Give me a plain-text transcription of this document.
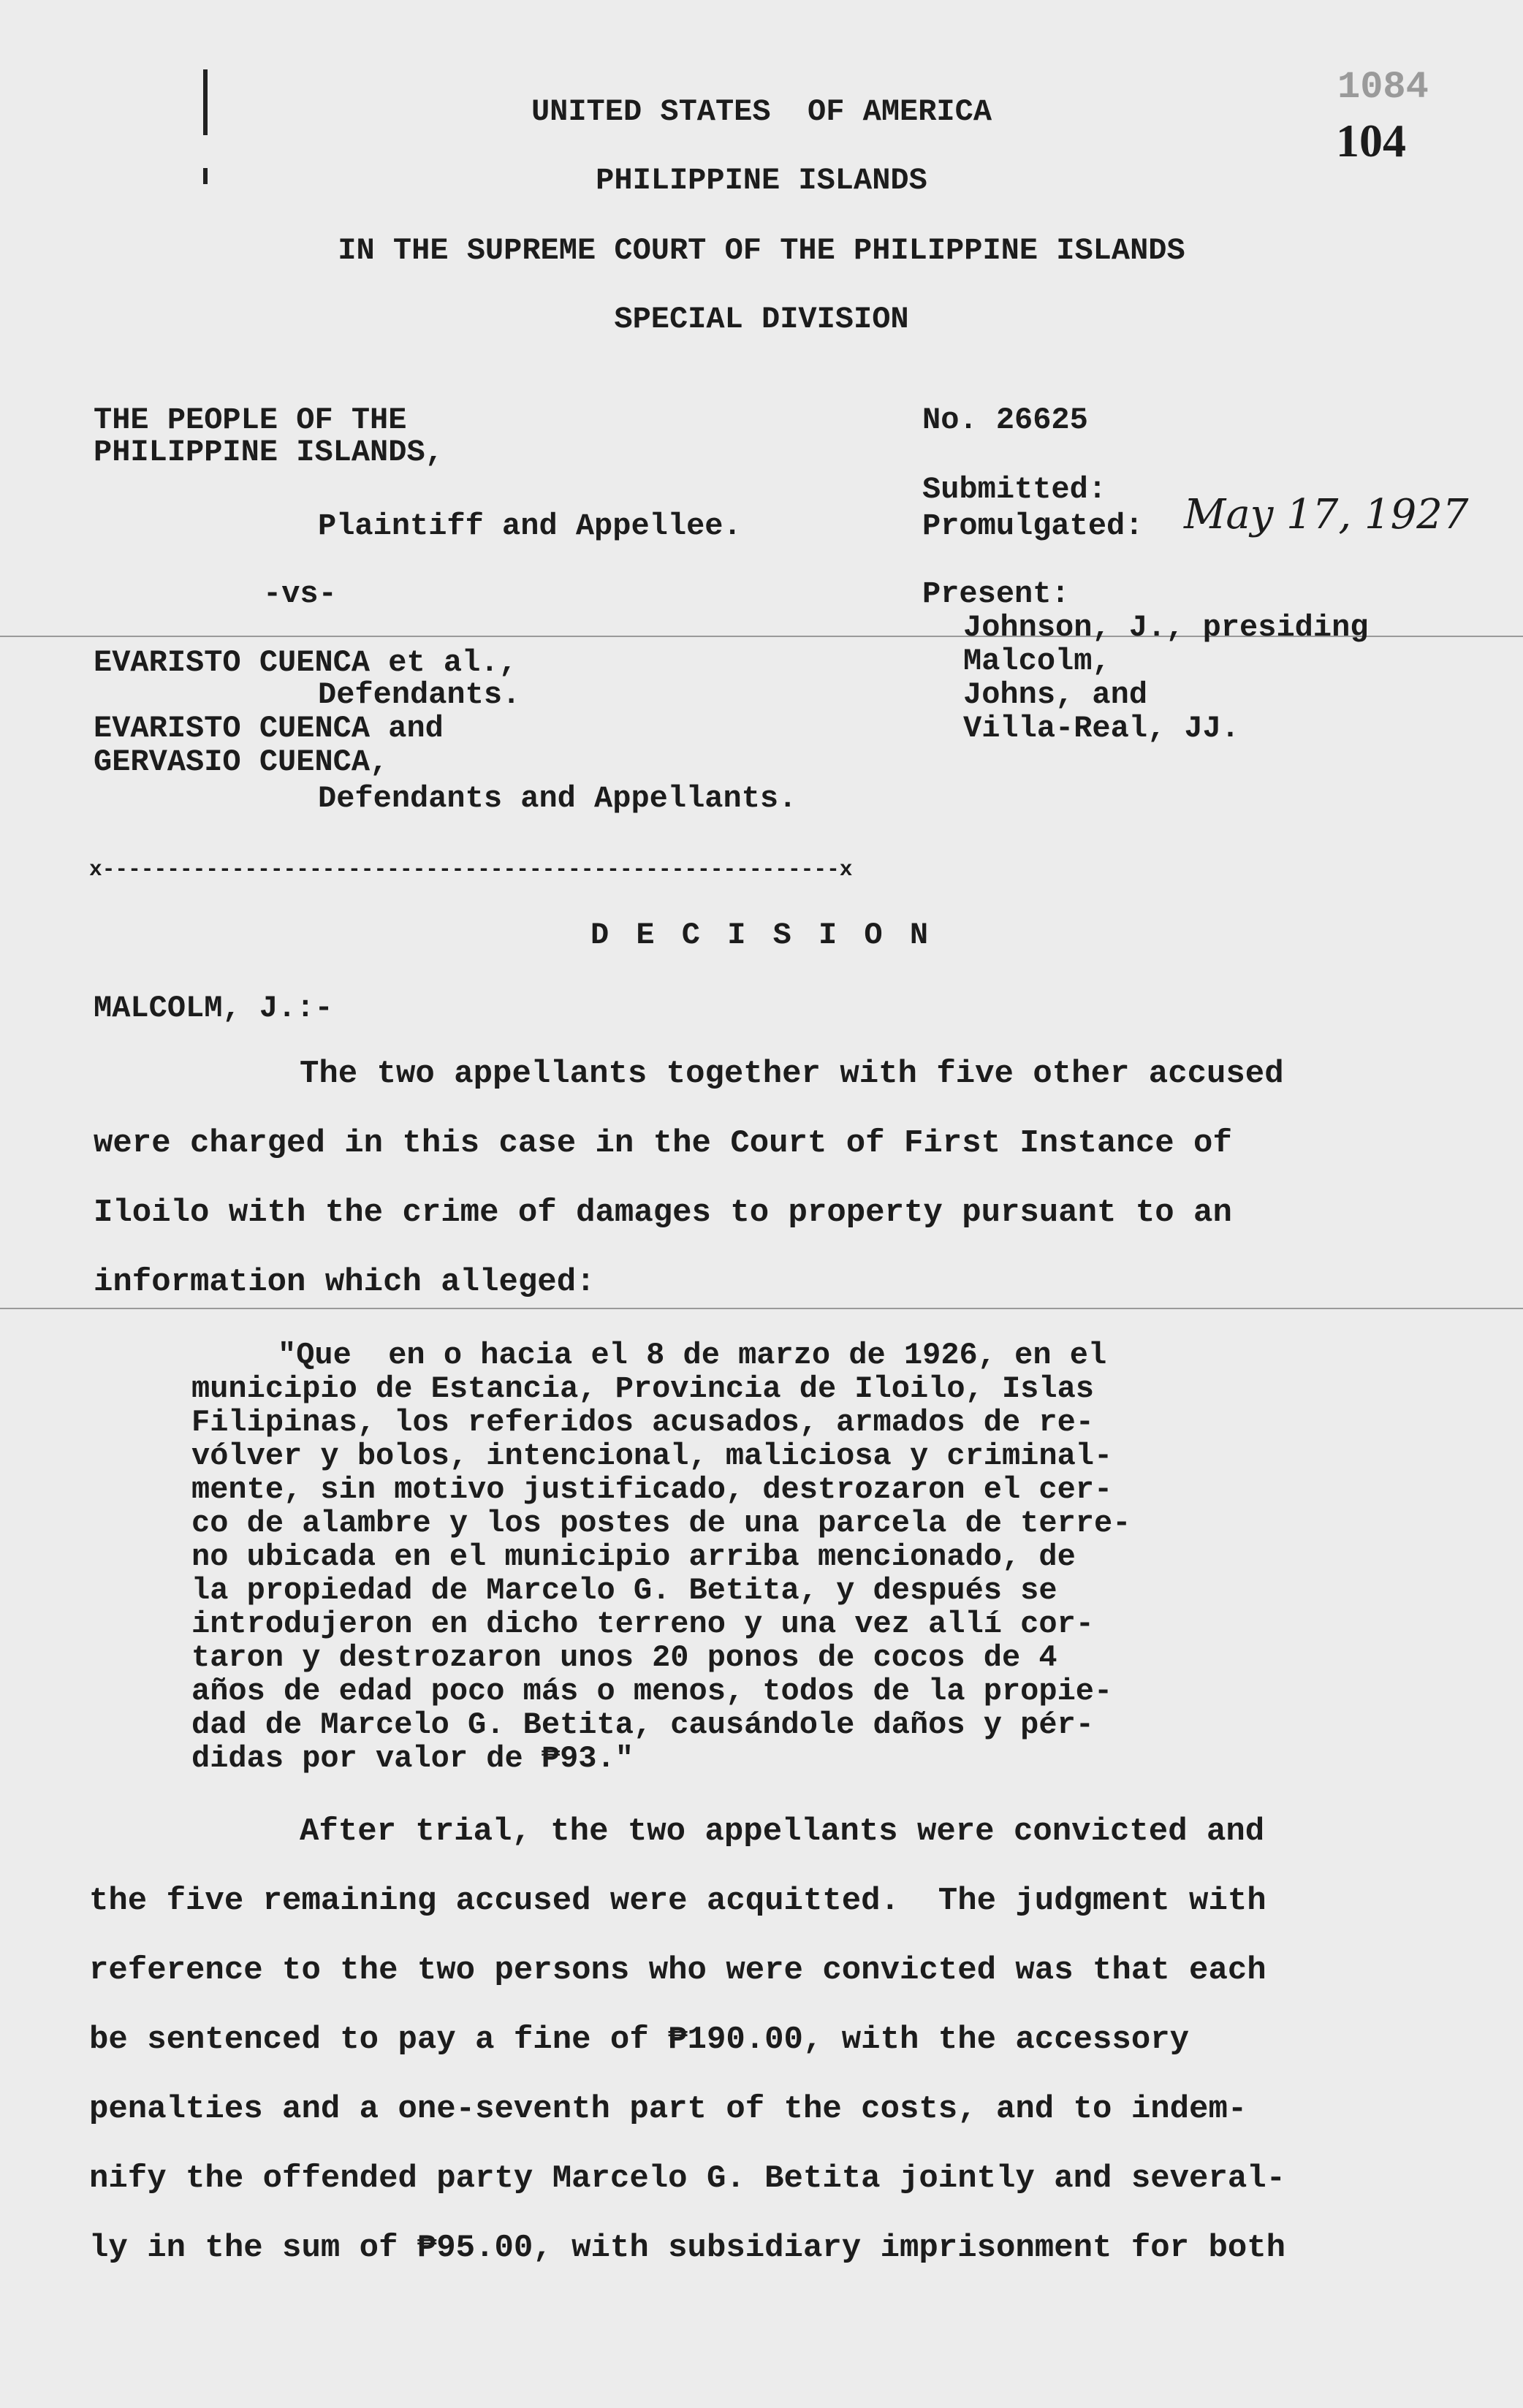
UNITED STATES  OF AMERICA
1084
104
PHILIPPINE ISLANDS
IN THE SUPREME COURT OF THE PHILIPPINE ISLANDS
SPECIAL DIVISION
THE PEOPLE OF THE
PHILIPPINE ISLANDS,
Plaintiff and Appellee.
-vs-
EVARISTO CUENCA et al.,
Defendants.
EVARISTO CUENCA and
GERVASIO CUENCA,
Defendants and Appellants.
No. 26625
Submitted:
Promulgated: May 17, 1927
Present:
Johnson, J., presiding
Malcolm,
Johns, and
Villa-Real, JJ.
x---------------------------------------------------------x
D E C I S I O N
MALCOLM, J.:-
The two appellants together with five other accused
were charged in this case in the Court of First Instance of
Iloilo with the crime of damages to property pursuant to an
information which alleged:
"Que  en o hacia el 8 de marzo de 1926, en el
municipio de Estancia, Provincia de Iloilo, Islas
Filipinas, los referidos acusados, armados de re-
vólver y bolos, intencional, maliciosa y criminal-
mente, sin motivo justificado, destrozaron el cer-
co de alambre y los postes de una parcela de terre-
no ubicada en el municipio arriba mencionado, de
la propiedad de Marcelo G. Betita, y después se
introdujeron en dicho terreno y una vez allí cor-
taron y destrozaron unos 20 ponos de cocos de 4
años de edad poco más o menos, todos de la propie-
dad de Marcelo G. Betita, causándole daños y pér-
didas por valor de ₱93."
After trial, the two appellants were convicted and
the five remaining accused were acquitted.  The judgment with
reference to the two persons who were convicted was that each
be sentenced to pay a fine of ₱190.00, with the accessory
penalties and a one-seventh part of the costs, and to indem-
nify the offended party Marcelo G. Betita jointly and several-
ly in the sum of ₱95.00, with subsidiary imprisonment for both
